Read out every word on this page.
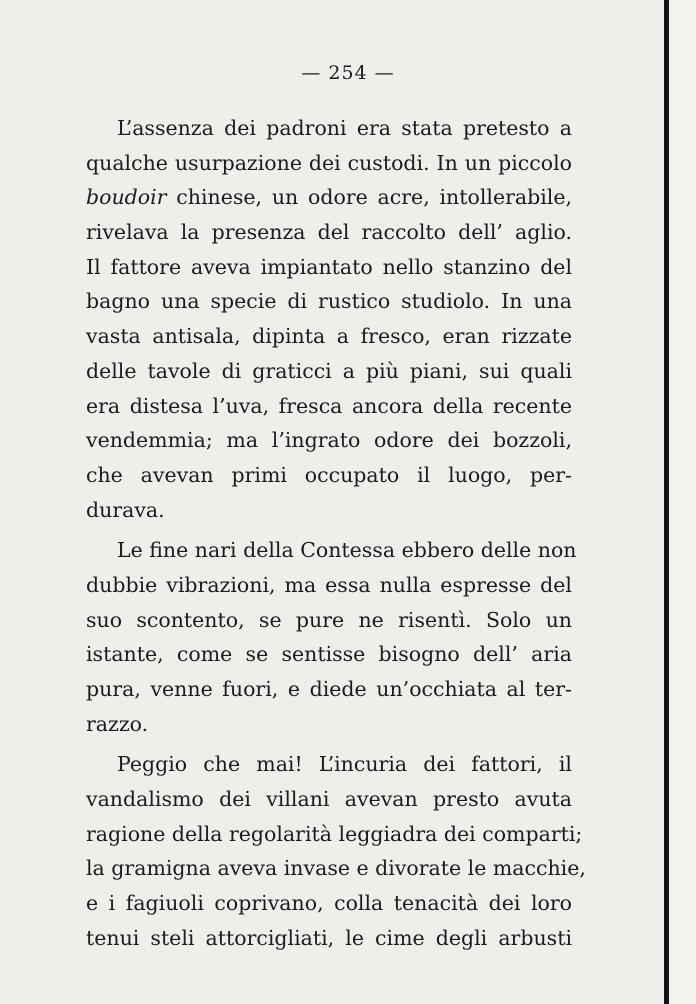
— 254 —
L’assenza dei padroni era stata pretesto a
qualche usurpazione dei custodi. In un piccolo
boudoir chinese, un odore acre, intollerabile,
rivelava la presenza del raccolto dell’ aglio.
Il fattore aveva impiantato nello stanzino del
bagno una specie di rustico studiolo. In una
vasta antisala, dipinta a fresco, eran rizzate
delle tavole di graticci a più piani, sui quali
era distesa l’uva, fresca ancora della recente
vendemmia; ma l’ingrato odore dei bozzoli,
che avevan primi occupato il luogo, per-
durava.
Le fine nari della Contessa ebbero delle non
dubbie vibrazioni, ma essa nulla espresse del
suo scontento, se pure ne risentì. Solo un
istante, come se sentisse bisogno dell’ aria
pura, venne fuori, e diede un’occhiata al ter-
razzo.
Peggio che mai! L’incuria dei fattori, il
vandalismo dei villani avevan presto avuta
ragione della regolarità leggiadra dei comparti;
la gramigna aveva invase e divorate le macchie,
e i fagiuoli coprivano, colla tenacità dei loro
tenui steli attorcigliati, le cime degli arbusti
